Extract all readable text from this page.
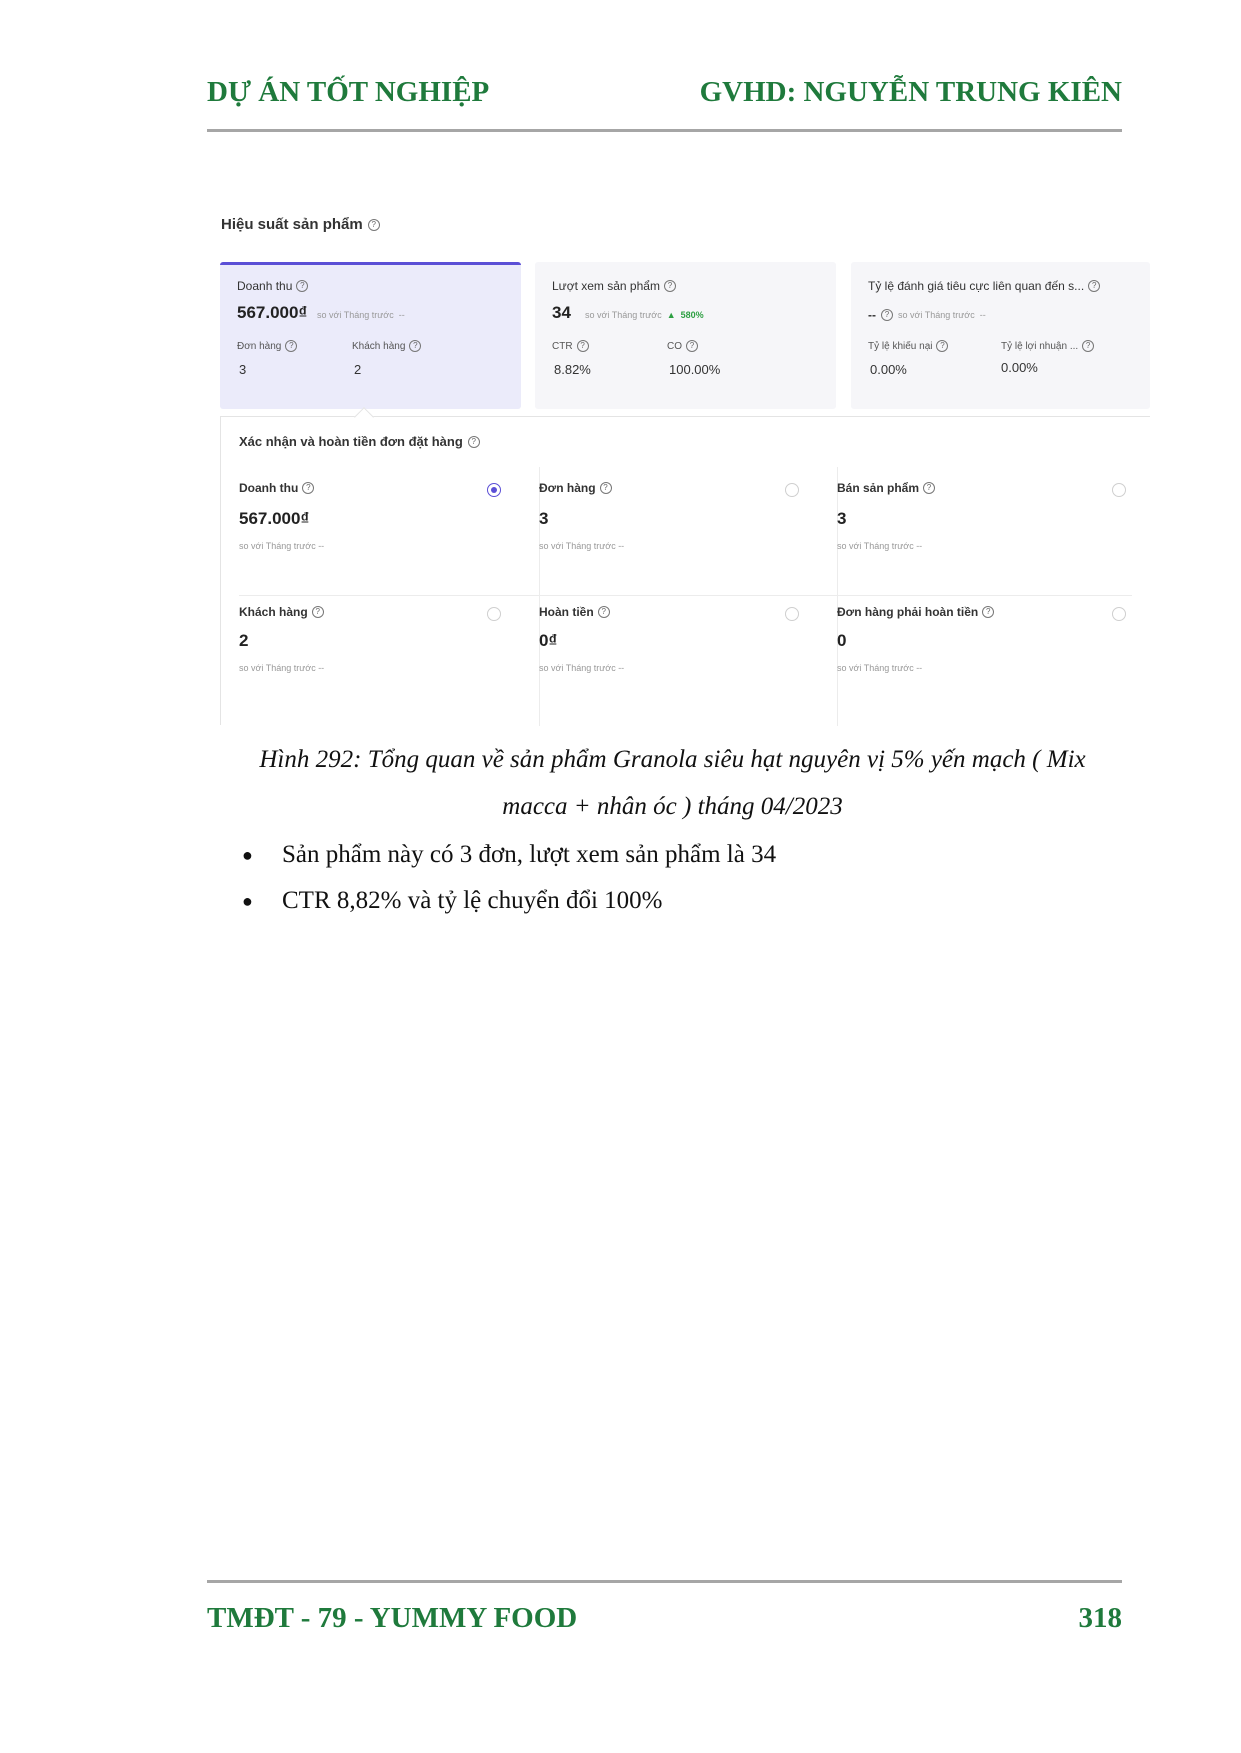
DỰ ÁN TỐT NGHIỆP	GVHD: NGUYỄN TRUNG KIÊN
Hiệu suất sản phẩm	?
Doanh thu ?
567.000₫ so với Tháng trước --
Đơn hàng ?
3
Khách hàng ?
2
Lượt xem sản phẩm ?
34 so với Tháng trước ▲ 580%
CTR ?
8.82%
CO ?
100.00%
Tỷ lệ đánh giá tiêu cực liên quan đến s... ?
--	? so với Tháng trước --
Tỷ lệ khiếu nại ?
0.00%
Tỷ lệ lợi nhuận ... ?
0.00%
Xác nhận và hoàn tiền đơn đặt hàng	?
Doanh thu ?
567.000₫
so với Tháng trước --
Đơn hàng ?
3
so với Tháng trước --
Bán sản phẩm ?
3
so với Tháng trước --
Khách hàng ?
2
so với Tháng trước --
Hoàn tiền ?
0₫
so với Tháng trước --
Đơn hàng phải hoàn tiền ?
0
so với Tháng trước --
Hình 292: Tổng quan về sản phẩm Granola siêu hạt nguyên vị 5% yến mạch ( Mix
macca + nhân óc ) tháng 04/2023
● Sản phẩm này có 3 đơn, lượt xem sản phẩm là 34
● CTR 8,82% và tỷ lệ chuyển đổi 100%
TMĐT - 79 - YUMMY FOOD	318
